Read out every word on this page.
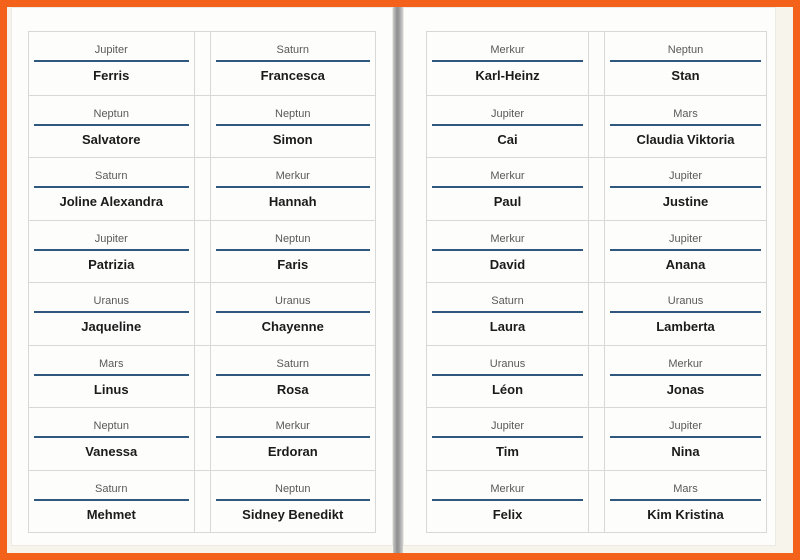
Jupiter
Ferris
Saturn
Francesca
Neptun
Salvatore
Neptun
Simon
Saturn
Joline Alexandra
Merkur
Hannah
Jupiter
Patrizia
Neptun
Faris
Uranus
Jaqueline
Uranus
Chayenne
Mars
Linus
Saturn
Rosa
Neptun
Vanessa
Merkur
Erdoran
Saturn
Mehmet
Neptun
Sidney Benedikt
Merkur
Karl-Heinz
Neptun
Stan
Jupiter
Cai
Mars
Claudia Viktoria
Merkur
Paul
Jupiter
Justine
Merkur
David
Jupiter
Anana
Saturn
Laura
Uranus
Lamberta
Uranus
Léon
Merkur
Jonas
Jupiter
Tim
Jupiter
Nina
Merkur
Felix
Mars
Kim Kristina
